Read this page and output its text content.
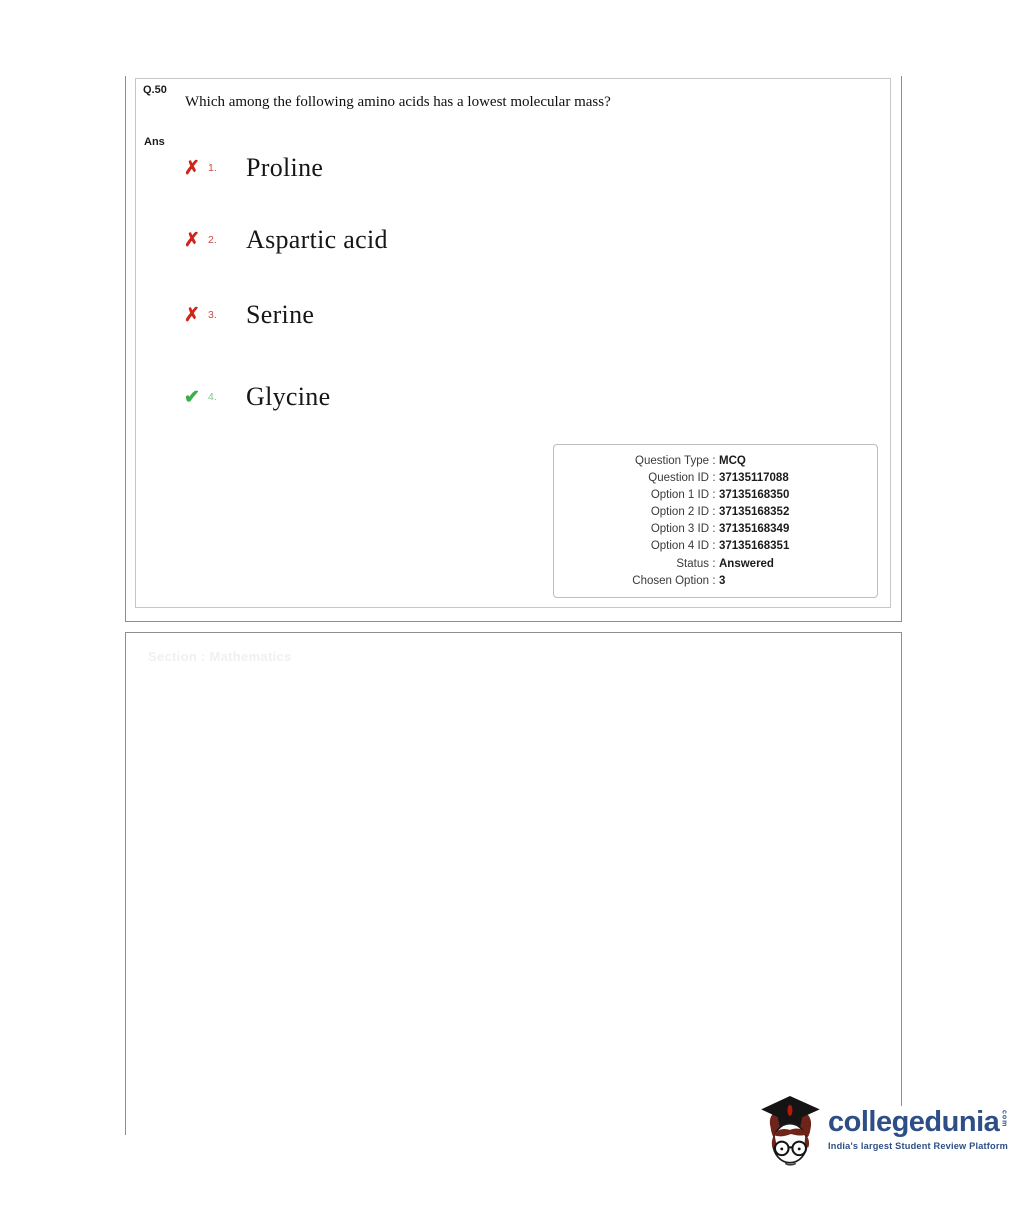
Q.50
Which among the following amino acids has a lowest molecular mass?
Ans
✗ 1. Proline
✗ 2. Aspartic acid
✗ 3. Serine
✔ 4. Glycine
Question Type : MCQ
Question ID : 37135117088
Option 1 ID : 37135168350
Option 2 ID : 37135168352
Option 3 ID : 37135168349
Option 4 ID : 37135168351
Status : Answered
Chosen Option : 3
Section : Mathematics
collegedunia com
India's largest Student Review Platform
